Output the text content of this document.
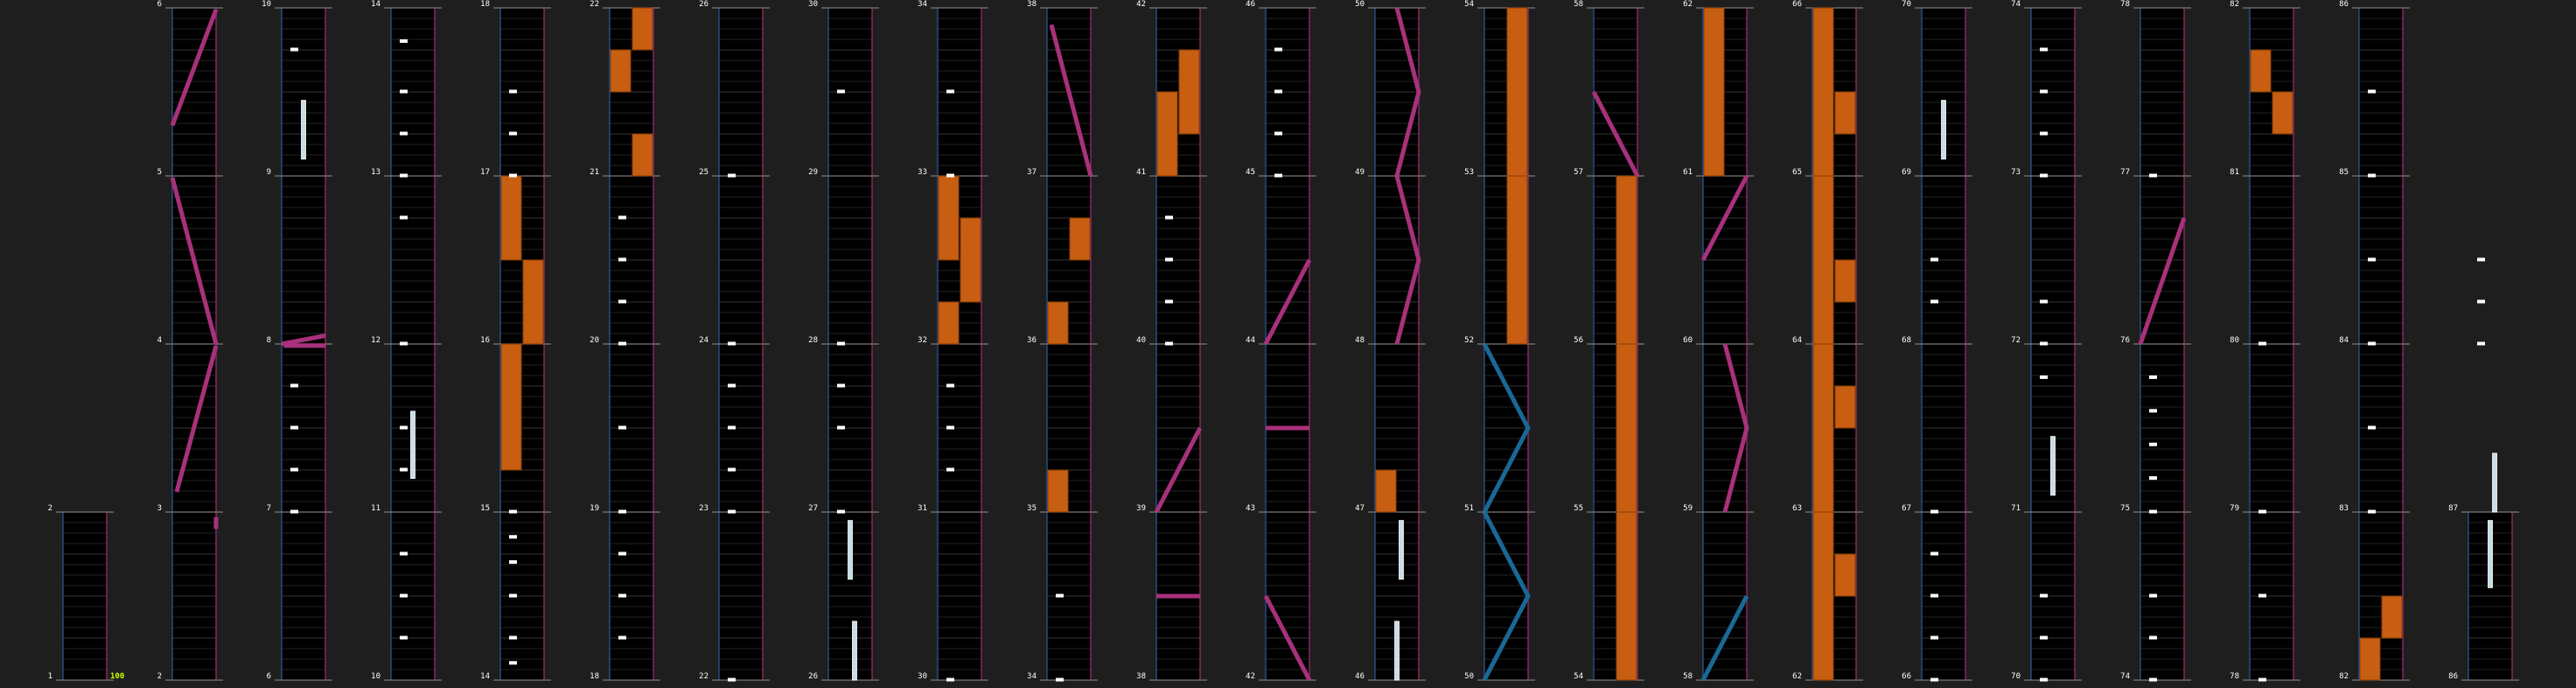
1
2
2
3
4
5
6
6
7
8
9
10
10
11
12
13
14
14
15
16
17
18
18
19
20
21
22
22
23
24
25
26
26
27
28
29
30
30
31
32
33
34
34
35
36
37
38
38
39
40
41
42
42
43
44
45
46
46
47
48
49
50
50
51
52
53
54
54
55
56
57
58
58
59
60
61
62
62
63
64
65
66
66
67
68
69
70
70
71
72
73
74
74
75
76
77
78
78
79
80
81
82
82
83
84
85
86
86
87
100
